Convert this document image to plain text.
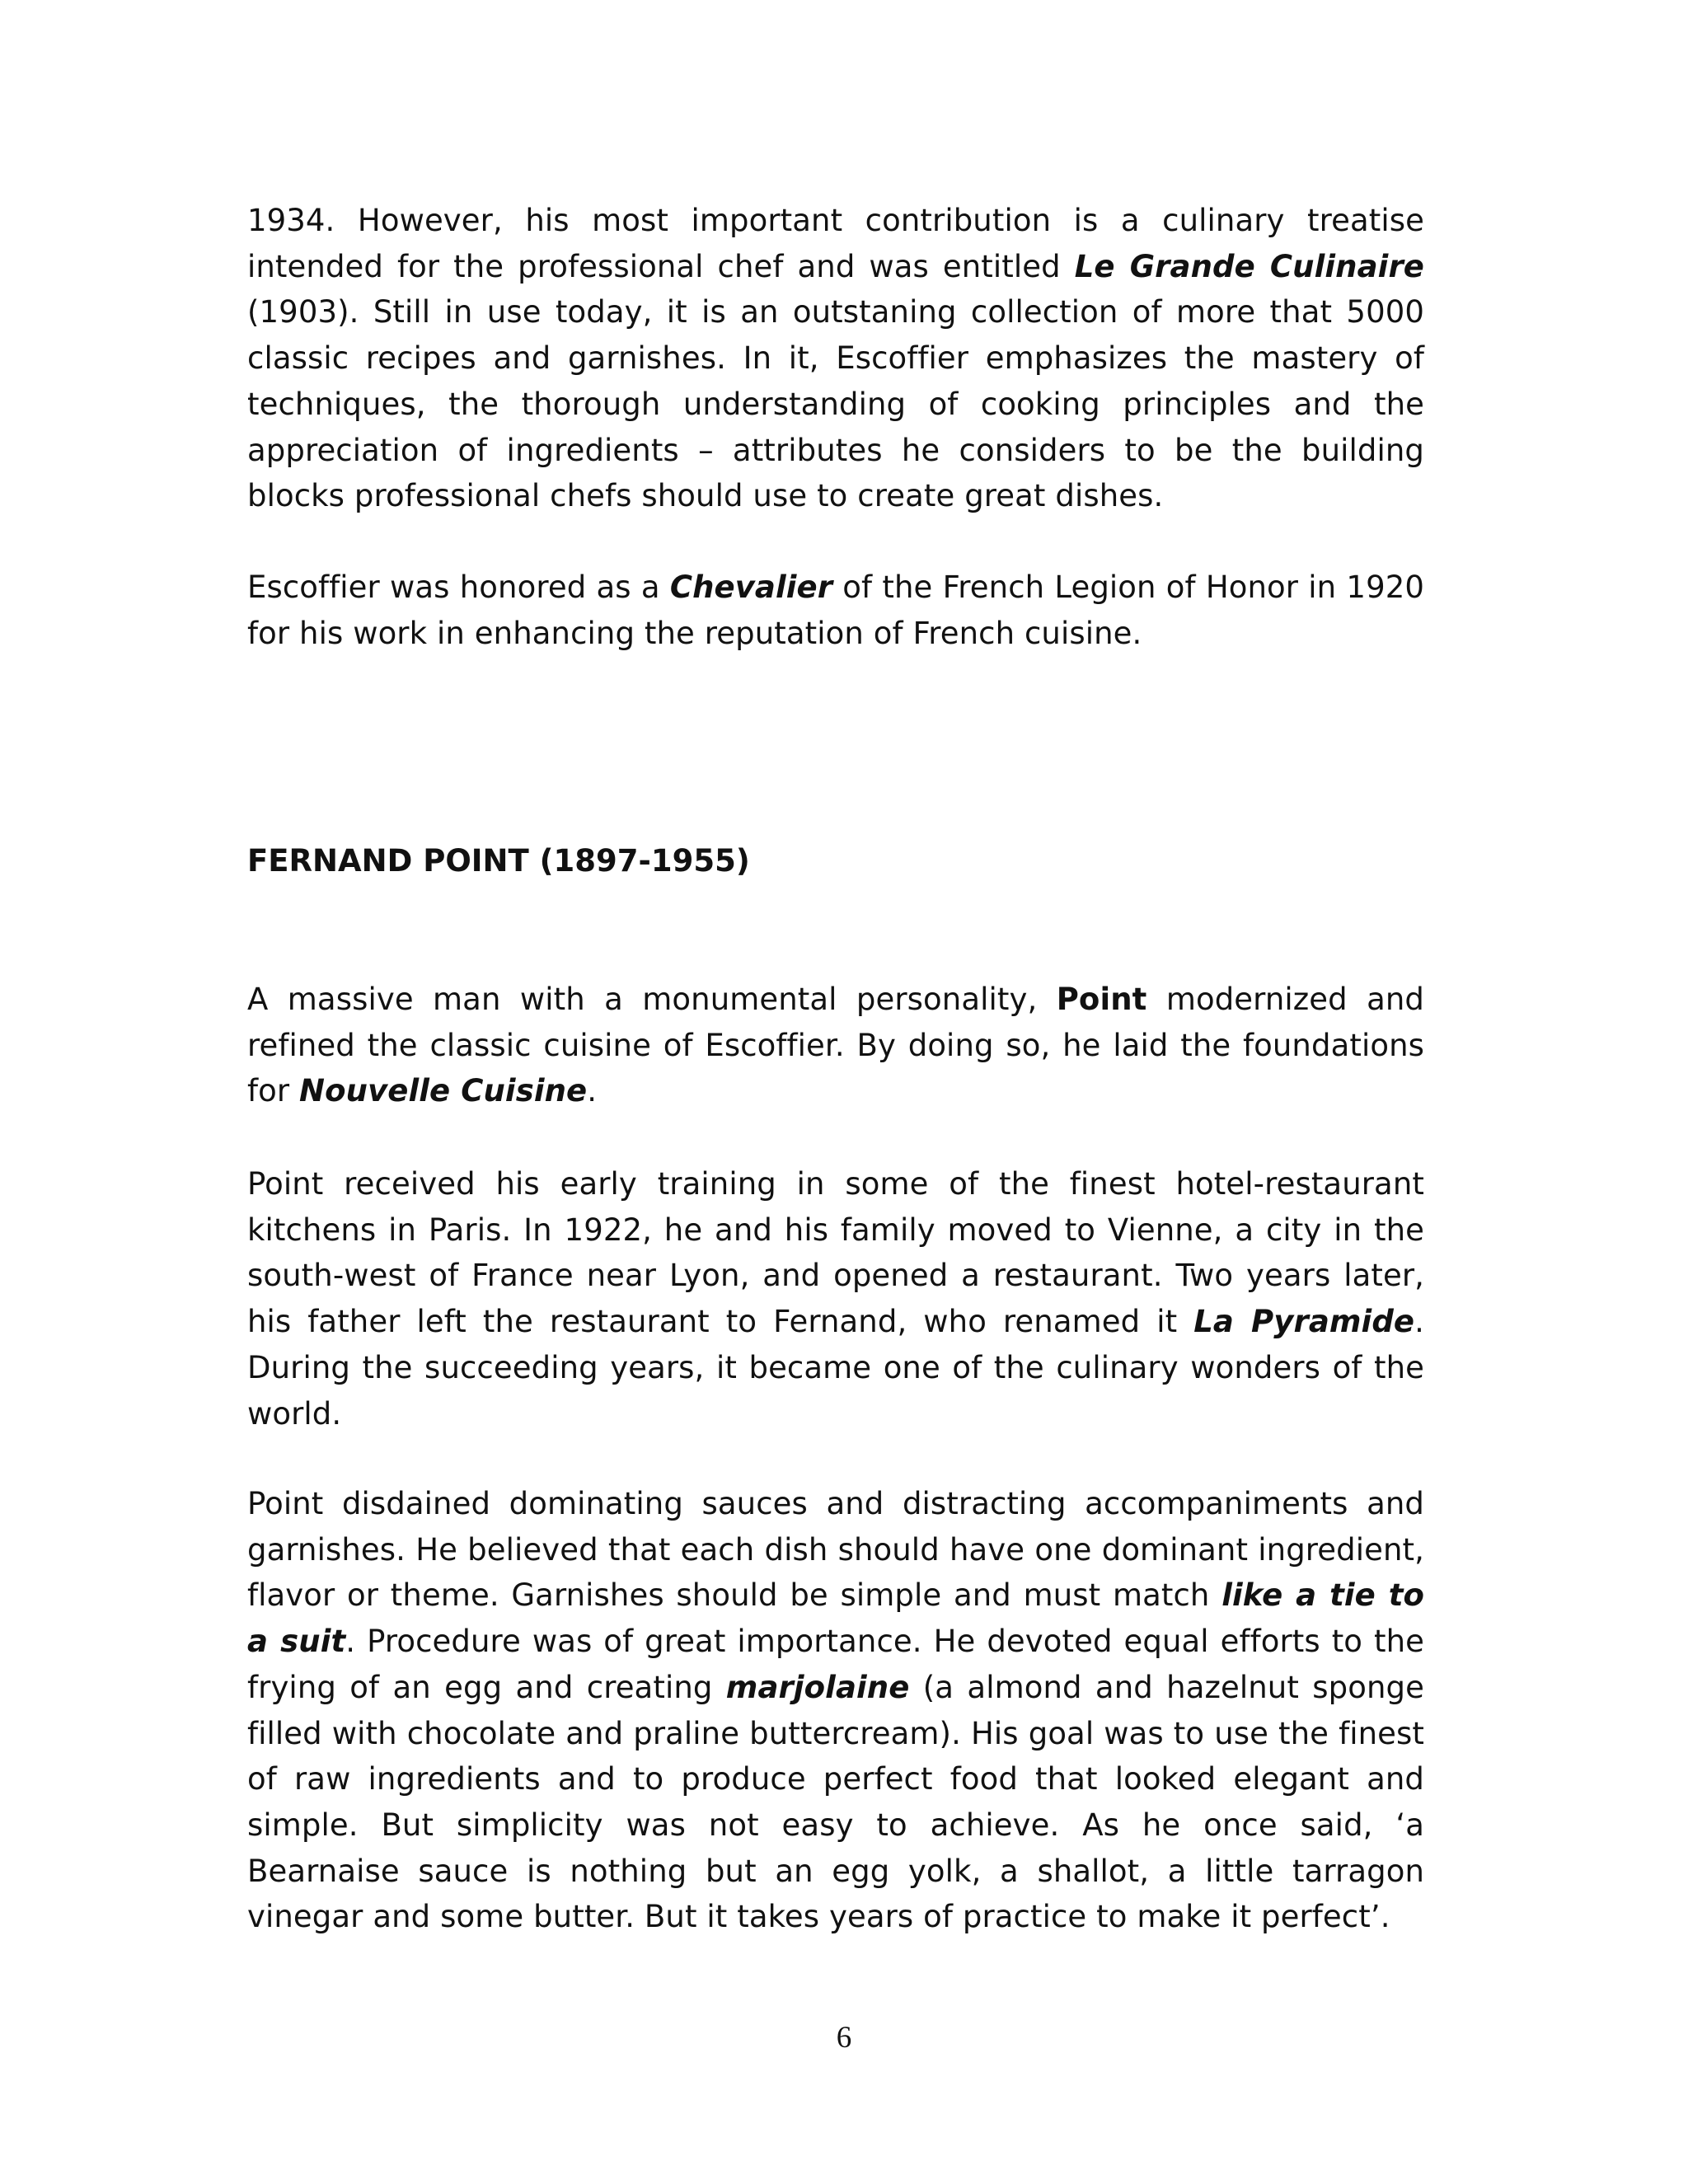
1934. However, his most important contribution is a culinary treatise intended for the professional chef and was entitled Le Grande Culinaire (1903). Still in use today, it is an outstaning collection of more that 5000 classic recipes and garnishes. In it, Escoffier emphasizes the mastery of techniques, the thorough understanding of cooking principles and the appreciation of ingredients – attributes he considers to be the building blocks professional chefs should use to create great dishes.

Escoffier was honored as a Chevalier of the French Legion of Honor in 1920 for his work in enhancing the reputation of French cuisine.

FERNAND POINT (1897-1955)

A massive man with a monumental personality, Point modernized and refined the classic cuisine of Escoffier. By doing so, he laid the foundations for Nouvelle Cuisine.

Point received his early training in some of the finest hotel-restaurant kitchens in Paris. In 1922, he and his family moved to Vienne, a city in the south-west of France near Lyon, and opened a restaurant. Two years later, his father left the restaurant to Fernand, who renamed it La Pyramide. During the succeeding years, it became one of the culinary wonders of the world.

Point disdained dominating sauces and distracting accompaniments and garnishes. He believed that each dish should have one dominant ingredient, flavor or theme. Garnishes should be simple and must match like a tie to a suit. Procedure was of great importance. He devoted equal efforts to the frying of an egg and creating marjolaine (a almond and hazelnut sponge filled with chocolate and praline buttercream). His goal was to use the finest of raw ingredients and to produce perfect food that looked elegant and simple. But simplicity was not easy to achieve. As he once said, ‘a Bearnaise sauce is nothing but an egg yolk, a shallot, a little tarragon vinegar and some butter. But it takes years of practice to make it perfect’.

6
